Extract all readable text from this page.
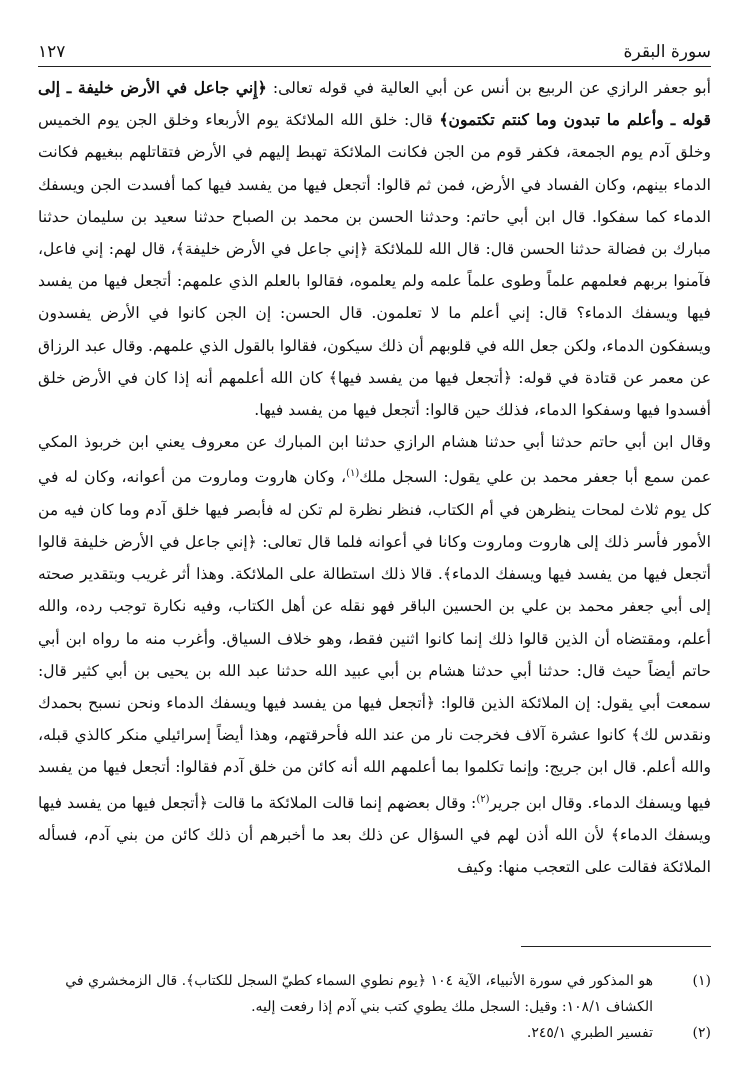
سورة البقرة
١٢٧

أبو جعفر الرازي عن الربيع بن أنس عن أبي العالية في قوله تعالى: ﴿إِني جاعل في الأرض خليفة ـ إلى قوله ـ وأعلم ما تبدون وما كنتم تكتمون﴾ قال: خلق الله الملائكة يوم الأربعاء وخلق الجن يوم الخميس وخلق آدم يوم الجمعة، فكفر قوم من الجن فكانت الملائكة تهبط إليهم في الأرض فتقاتلهم ببغيهم فكانت الدماء بينهم، وكان الفساد في الأرض، فمن ثم قالوا: أتجعل فيها من يفسد فيها كما أفسدت الجن ويسفك الدماء كما سفكوا. قال ابن أبي حاتم: وحدثنا الحسن بن محمد بن الصباح حدثنا سعيد بن سليمان حدثنا مبارك بن فضالة حدثنا الحسن قال: قال الله للملائكة ﴿إني جاعل في الأرض خليفة﴾، قال لهم: إني فاعل، فآمنوا بربهم فعلمهم علماً وطوى علماً علمه ولم يعلموه، فقالوا بالعلم الذي علمهم: أتجعل فيها من يفسد فيها ويسفك الدماء؟ قال: إني أعلم ما لا تعلمون. قال الحسن: إن الجن كانوا في الأرض يفسدون ويسفكون الدماء، ولكن جعل الله في قلوبهم أن ذلك سيكون، فقالوا بالقول الذي علمهم. وقال عبد الرزاق عن معمر عن قتادة في قوله: ﴿أتجعل فيها من يفسد فيها﴾ كان الله أعلمهم أنه إذا كان في الأرض خلق أفسدوا فيها وسفكوا الدماء، فذلك حين قالوا: أتجعل فيها من يفسد فيها.

وقال ابن أبي حاتم حدثنا أبي حدثنا هشام الرازي حدثنا ابن المبارك عن معروف يعني ابن خربوذ المكي عمن سمع أبا جعفر محمد بن علي يقول: السجل ملك$^{(١)}$، وكان هاروت وماروت من أعوانه، وكان له في كل يوم ثلاث لمحات ينظرهن في أم الكتاب، فنظر نظرة لم تكن له فأبصر فيها خلق آدم وما كان فيه من الأمور فأسر ذلك إلى هاروت وماروت وكانا في أعوانه فلما قال تعالى: ﴿إني جاعل في الأرض خليفة قالوا أتجعل فيها من يفسد فيها ويسفك الدماء﴾. قالا ذلك استطالة على الملائكة. وهذا أثر غريب وبتقدير صحته إلى أبي جعفر محمد بن علي بن الحسين الباقر فهو نقله عن أهل الكتاب، وفيه نكارة توجب رده، والله أعلم، ومقتضاه أن الذين قالوا ذلك إنما كانوا اثنين فقط، وهو خلاف السياق. وأغرب منه ما رواه ابن أبي حاتم أيضاً حيث قال: حدثنا أبي حدثنا هشام بن أبي عبيد الله حدثنا عبد الله بن يحيى بن أبي كثير قال: سمعت أبي يقول: إن الملائكة الذين قالوا: ﴿أتجعل فيها من يفسد فيها ويسفك الدماء ونحن نسبح بحمدك ونقدس لك﴾ كانوا عشرة آلاف فخرجت نار من عند الله فأحرقتهم، وهذا أيضاً إسرائيلي منكر كالذي قبله، والله أعلم. قال ابن جريج: وإنما تكلموا بما أعلمهم الله أنه كائن من خلق آدم فقالوا: أتجعل فيها من يفسد فيها ويسفك الدماء. وقال ابن جرير$^{(٢)}$: وقال بعضهم إنما قالت الملائكة ما قالت ﴿أتجعل فيها من يفسد فيها ويسفك الدماء﴾ لأن الله أذن لهم في السؤال عن ذلك بعد ما أخبرهم أن ذلك كائن من بني آدم، فسأله الملائكة فقالت على التعجب منها: وكيف

(١)
هو المذكور في سورة الأنبياء، الآية ١٠٤ ﴿يوم نطوي السماء كطيّ السجل للكتاب﴾. قال الزمخشري في الكشاف ١٠٨/١: وقيل: السجل ملك يطوي كتب بني آدم إذا رفعت إليه.
(٢)
تفسير الطبري ٢٤٥/١.
